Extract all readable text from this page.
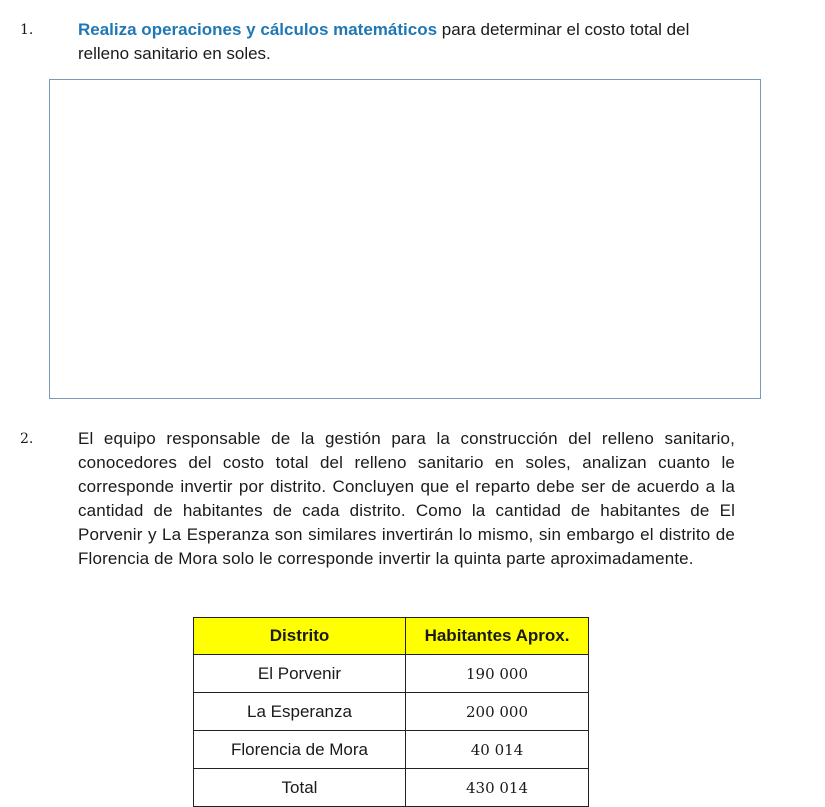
1.	Realiza operaciones y cálculos matemáticos para determinar el costo total del relleno sanitario en soles.
2.	El equipo responsable de la gestión para la construcción del relleno sanitario, conocedores del costo total del relleno sanitario en soles, analizan cuanto le corresponde invertir por distrito. Concluyen que el reparto debe ser de acuerdo a la cantidad de habitantes de cada distrito. Como la cantidad de habitantes de El Porvenir y La Esperanza son similares invertirán lo mismo, sin embargo el distrito de Florencia de Mora solo le corresponde invertir la quinta parte aproximadamente.
Distrito	Habitantes Aprox.
El Porvenir	190 000
La Esperanza	200 000
Florencia de Mora	40 014
Total	430 014
